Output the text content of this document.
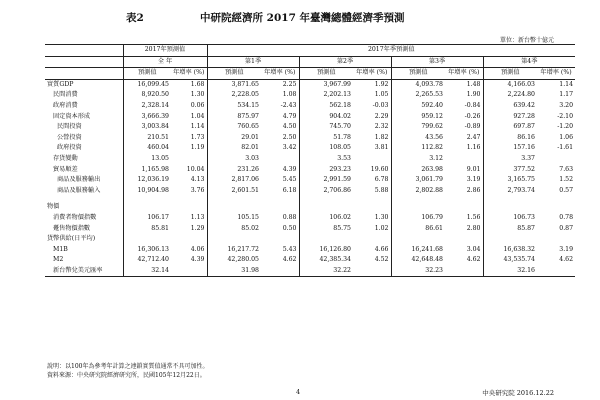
表2	中研院經濟所 2017 年臺灣總體經濟季預測
單位：新台幣十億元
	2017年預測值		2017年季預測值							
	全 年		第1季		第2季		第3季		第4季	
	預測值	年增率 (%)	預測值	年增率 (%)	預測值	年增率 (%)	預測值	年增率 (%)	預測值	年增率 (%)
實質GDP	16,099.45	1.68	3,871.65	2.25	3,967.99	1.92	4,093.78	1.48	4,166.03	1.14
民間消費	8,920.50	1.30	2,228.05	1.08	2,202.13	1.05	2,265.53	1.90	2,224.80	1.17
政府消費	2,328.14	0.06	534.15	-2.43	562.18	-0.03	592.40	-0.84	639.42	3.20
固定資本形成	3,666.39	1.04	875.97	4.79	904.02	2.29	959.12	-0.26	927.28	-2.10
民間投資	3,003.84	1.14	760.65	4.50	745.70	2.32	799.62	-0.89	697.87	-1.20
公營投資	210.51	1.73	29.01	2.50	51.78	1.82	43.56	2.47	86.16	1.06
政府投資	460.04	1.19	82.01	3.42	108.05	3.81	112.82	1.16	157.16	-1.61
存貨變動	13.05		3.03		3.53		3.12		3.37	
貿易順差	1,165.98	10.04	231.26	4.39	293.23	19.60	263.98	9.01	377.52	7.63
商品及服務輸出	12,036.19	4.13	2,817.06	5.45	2,991.59	6.78	3,061.79	3.19	3,165.75	1.52
商品及服務輸入	10,904.98	3.76	2,601.51	6.18	2,706.86	5.88	2,802.88	2.86	2,793.74	0.57

物價										
消費者物價指數	106.17	1.13	105.15	0.88	106.02	1.30	106.79	1.56	106.73	0.78
躉售物價指數	85.81	1.29	85.02	0.50	85.75	1.02	86.61	2.80	85.87	0.87
貨幣供給(日平均)										
M1B	16,306.13	4.06	16,217.72	5.43	16,126.80	4.66	16,241.68	3.04	16,638.32	3.19
M2	42,712.40	4.39	42,280.05	4.62	42,385.34	4.52	42,648.48	4.62	43,535.74	4.62
新台幣兌美元匯率	32.14		31.98		32.22		32.23		32.16	
說明：以100年為參考年計算之連鎖實質值通常不具可加性。
資料來源：中央研究院經濟研究所，民國105年12月22日。
4	中央研究院 2016.12.22
